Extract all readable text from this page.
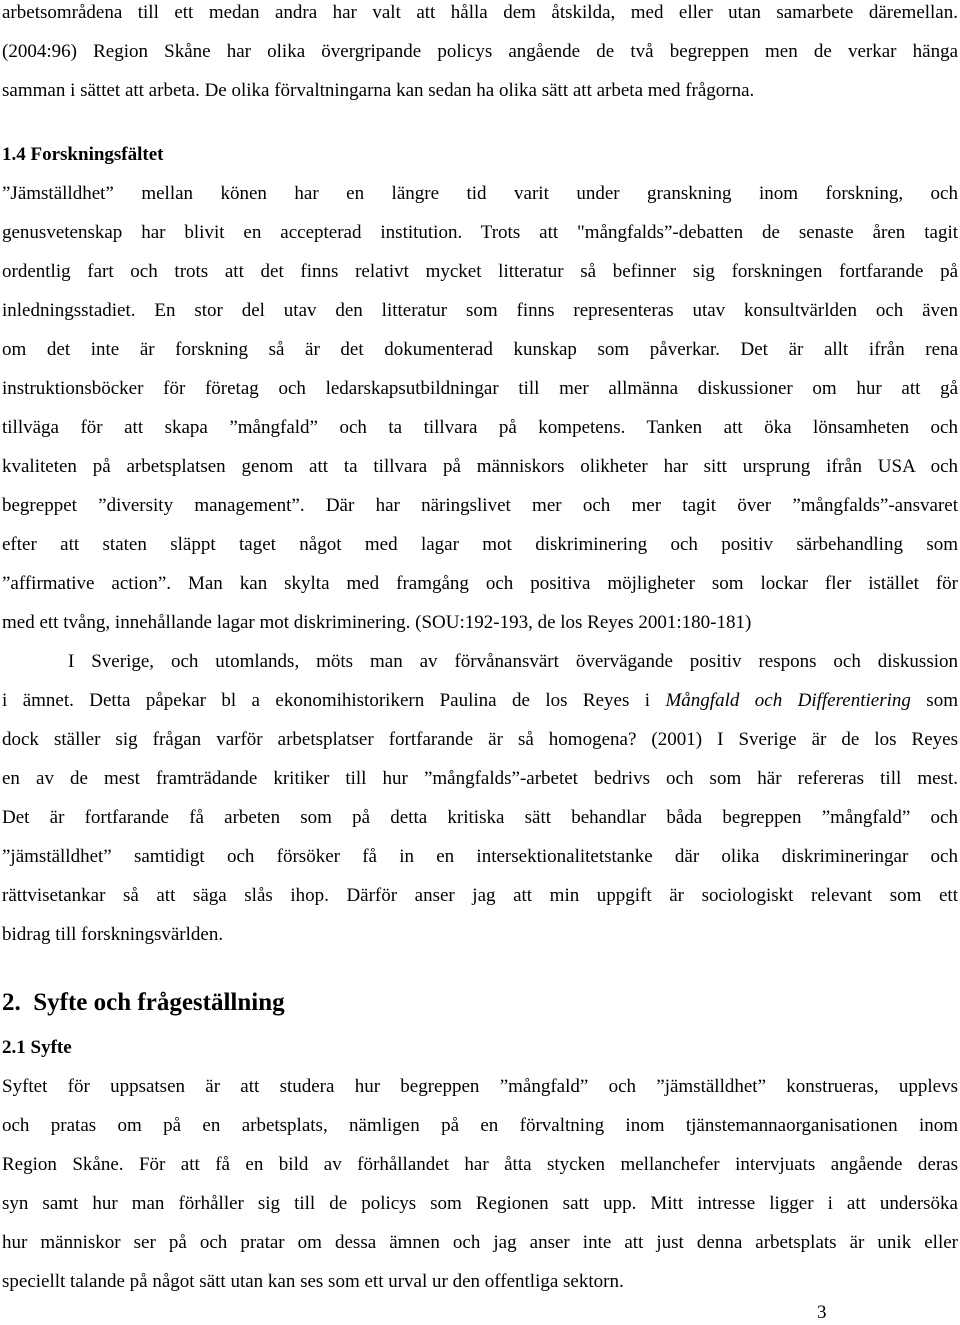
arbetsområdena till ett medan andra har valt att hålla dem åtskilda, med eller utan samarbete däremellan.
(2004:96) Region Skåne har olika övergripande policys angående de två begreppen men de verkar hänga
samman i sättet att arbeta. De olika förvaltningarna kan sedan ha olika sätt att arbeta med frågorna.
1.4 Forskningsfältet
”Jämställdhet” mellan könen har en längre tid varit under granskning inom forskning, och
genusvetenskap har blivit en accepterad institution. Trots att "mångfalds”-debatten de senaste åren tagit
ordentlig fart och trots att det finns relativt mycket litteratur så befinner sig forskningen fortfarande på
inledningsstadiet. En stor del utav den litteratur som finns representeras utav konsultvärlden och även
om det inte är forskning så är det dokumenterad kunskap som påverkar. Det är allt ifrån rena
instruktionsböcker för företag och ledarskapsutbildningar till mer allmänna diskussioner om hur att gå
tillväga för att skapa ”mångfald” och ta tillvara på kompetens. Tanken att öka lönsamheten och
kvaliteten på arbetsplatsen genom att ta tillvara på människors olikheter har sitt ursprung ifrån USA och
begreppet ”diversity management”. Där har näringslivet mer och mer tagit över ”mångfalds”-ansvaret
efter att staten släppt taget något med lagar mot diskriminering och positiv särbehandling som
”affirmative action”. Man kan skylta med framgång och positiva möjligheter som lockar fler istället för
med ett tvång, innehållande lagar mot diskriminering. (SOU:192-193, de los Reyes 2001:180-181)
I Sverige, och utomlands, möts man av förvånansvärt övervägande positiv respons och diskussion
i ämnet. Detta påpekar bl a ekonomihistorikern Paulina de los Reyes i Mångfald och Differentiering som
dock ställer sig frågan varför arbetsplatser fortfarande är så homogena? (2001) I Sverige är de los Reyes
en av de mest framträdande kritiker till hur ”mångfalds”-arbetet bedrivs och som här refereras till mest.
Det är fortfarande få arbeten som på detta kritiska sätt behandlar båda begreppen ”mångfald” och
”jämställdhet” samtidigt och försöker få in en intersektionalitetstanke där olika diskrimineringar och
rättvisetankar så att säga slås ihop. Därför anser jag att min uppgift är sociologiskt relevant som ett
bidrag till forskningsvärlden.
2.  Syfte och frågeställning
2.1 Syfte
Syftet för uppsatsen är att studera hur begreppen ”mångfald” och ”jämställdhet” konstrueras, upplevs
och pratas om på en arbetsplats, nämligen på en förvaltning inom tjänstemannaorganisationen inom
Region Skåne. För att få en bild av förhållandet har åtta stycken mellanchefer intervjuats angående deras
syn samt hur man förhåller sig till de policys som Regionen satt upp. Mitt intresse ligger i att undersöka
hur människor ser på och pratar om dessa ämnen och jag anser inte att just denna arbetsplats är unik eller
speciellt talande på något sätt utan kan ses som ett urval ur den offentliga sektorn.
3
